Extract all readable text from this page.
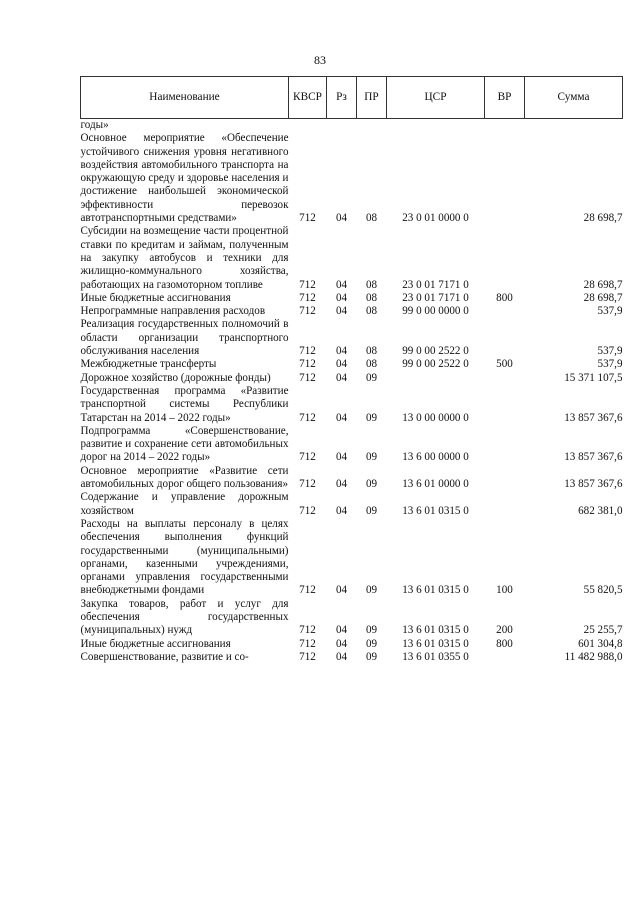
83
Наименование	КВСР	Рз	ПР	ЦСР	ВР	Сумма
годы»						
Основное мероприятие «Обеспечение устойчивого снижения уровня негативного воздействия автомобильного транспорта на окружающую среду и здоровье населения и достижение наибольшей экономической эффективности перевозок автотранспортными средствами»	712	04	08	23 0 01 0000 0		28 698,7
Субсидии на возмещение части процентной ставки по кредитам и займам, полученным на закупку автобусов и техники для жилищно-коммунального хозяйства, работающих на газомоторном топливе	712	04	08	23 0 01 7171 0		28 698,7
Иные бюджетные ассигнования	712	04	08	23 0 01 7171 0	800	28 698,7
Непрограммные направления расходов	712	04	08	99 0 00 0000 0		537,9
Реализация государственных полномочий в области организации транспортного обслуживания населения	712	04	08	99 0 00 2522 0		537,9
Межбюджетные трансферты	712	04	08	99 0 00 2522 0	500	537,9
Дорожное хозяйство (дорожные фонды)	712	04	09			15 371 107,5
Государственная программа «Развитие транспортной системы Республики Татарстан на 2014 – 2022 годы»	712	04	09	13 0 00 0000 0		13 857 367,6
Подпрограмма «Совершенствование, развитие и сохранение сети автомобильных дорог на 2014 – 2022 годы»	712	04	09	13 6 00 0000 0		13 857 367,6
Основное мероприятие «Развитие сети автомобильных дорог общего пользования»	712	04	09	13 6 01 0000 0		13 857 367,6
Содержание и управление дорожным хозяйством	712	04	09	13 6 01 0315 0		682 381,0
Расходы на выплаты персоналу в целях обеспечения выполнения функций государственными (муниципальными) органами, казенными учреждениями, органами управления государственными внебюджетными фондами	712	04	09	13 6 01 0315 0	100	55 820,5
Закупка товаров, работ и услуг для обеспечения государственных (муниципальных) нужд	712	04	09	13 6 01 0315 0	200	25 255,7
Иные бюджетные ассигнования	712	04	09	13 6 01 0315 0	800	601 304,8
Совершенствование, развитие и со-	712	04	09	13 6 01 0355 0		11 482 988,0
